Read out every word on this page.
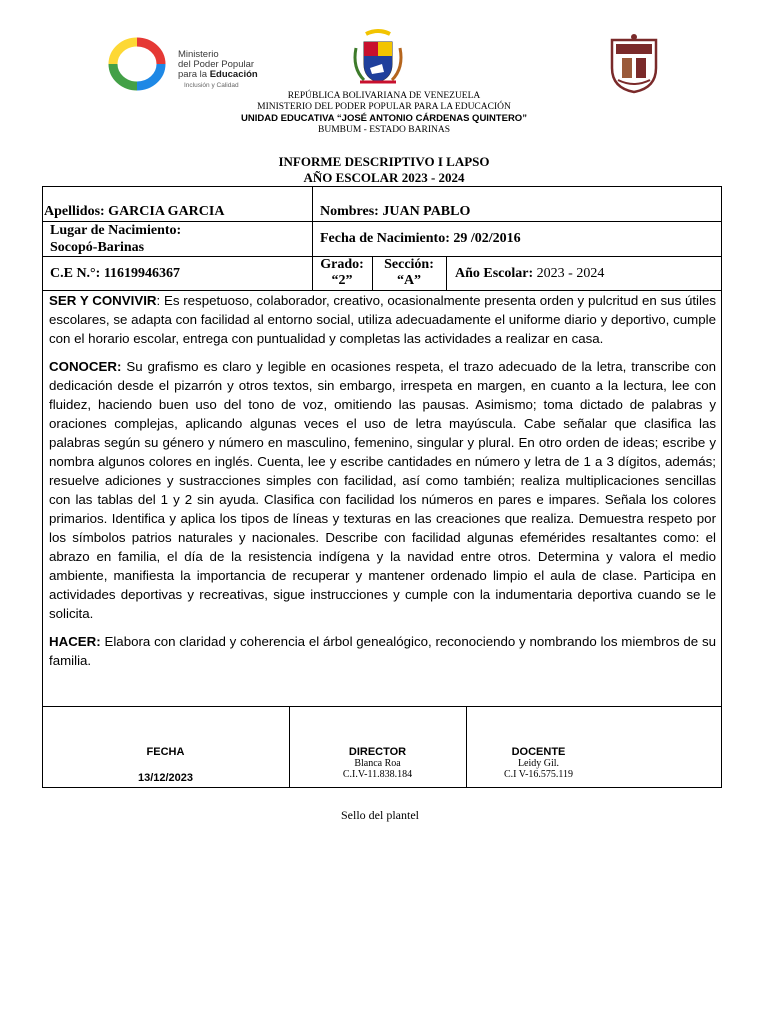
Ministerio
del Poder Popular
para la Educación
Inclusión y Calidad
REPÚBLICA BOLIVARIANA DE VENEZUELA
MINISTERIO DEL PODER POPULAR PARA LA EDUCACIÓN
UNIDAD EDUCATIVA “JOSÉ ANTONIO CÁRDENAS QUINTERO”
BUMBUM - ESTADO BARINAS
INFORME DESCRIPTIVO I LAPSO
AÑO ESCOLAR 2023 - 2024
Apellidos: GARCIA GARCIA	Nombres: JUAN PABLO
Lugar de Nacimiento:
Socopó-Barinas
Fecha de Nacimiento: 29 /02/2016
C.E N.°: 11619946367
Grado:
“2”
Sección:
“A”	Año Escolar: 2023 - 2024

SER Y CONVIVIR: Es respetuoso, colaborador, creativo, ocasionalmente presenta orden y pulcritud en sus útiles escolares, se adapta con facilidad al entorno social, utiliza adecuadamente el uniforme diario y deportivo, cumple con el horario escolar, entrega con puntualidad y completas las actividades a realizar en casa.

CONOCER: Su grafismo es claro y legible en ocasiones respeta, el trazo adecuado de la letra, transcribe con dedicación desde el pizarrón y otros textos, sin embargo, irrespeta en margen, en cuanto a la lectura, lee con fluidez, haciendo buen uso del tono de voz, omitiendo las pausas. Asimismo; toma dictado de palabras y oraciones complejas, aplicando algunas veces el uso de letra mayúscula. Cabe señalar que clasifica las palabras según su género y número en masculino, femenino, singular y plural. En otro orden de ideas; escribe y nombra algunos colores en inglés. Cuenta, lee y escribe cantidades en número y letra de 1 a 3 dígitos, además; resuelve adiciones y sustracciones simples con facilidad, así como también; realiza multiplicaciones sencillas con las tablas del 1 y 2 sin ayuda. Clasifica con facilidad los números en pares e impares. Señala los colores primarios. Identifica y aplica los tipos de líneas y texturas en las creaciones que realiza. Demuestra respeto por los símbolos patrios naturales y nacionales. Describe con facilidad algunas efemérides resaltantes como: el abrazo en familia, el día de la resistencia indígena y la navidad entre otros. Determina y valora el medio ambiente, manifiesta la importancia de recuperar y mantener ordenado limpio el aula de clase. Participa en actividades deportivas y recreativas, sigue instrucciones y cumple con la indumentaria deportiva cuando se le solicita.

HACER: Elabora con claridad y coherencia el árbol genealógico, reconociendo y nombrando los miembros de su familia.

FECHA
13/12/2023
DIRECTOR
Blanca Roa
C.I.V-11.838.184
DOCENTE
Leidy Gil.
C.I V-16.575.119
Sello del plantel
